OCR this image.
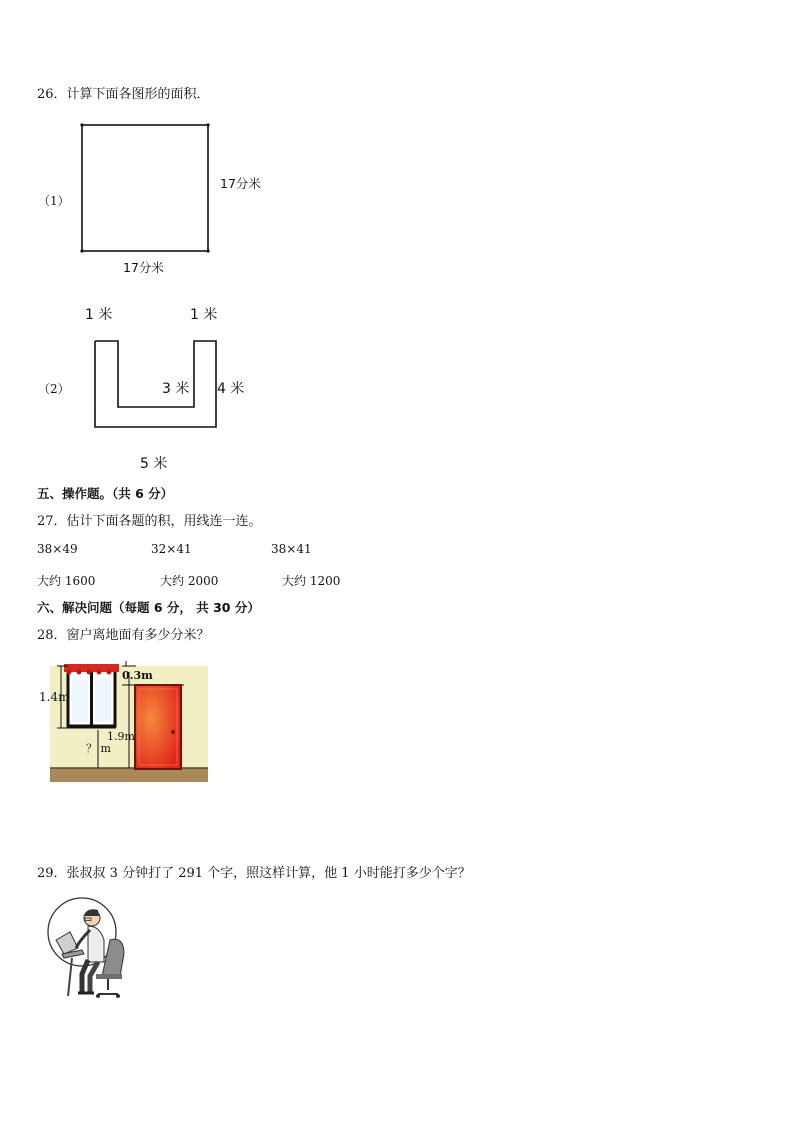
26．计算下面各图形的面积．
（1）
17分米
17分米
1 米	1 米
（2）	3 米 4 米
5 米
五、操作题。（共 6 分）
27．估计下面各题的积，用线连一连。
38×49	32×41	38×41
大约 1600	大约 2000	大约 1200
六、解决问题（每题 6 分， 共 30 分）
28．窗户离地面有多少分米？
1.4m
0.3m
1.9m
？ m
29．张叔叔 3 分钟打了 291 个字，照这样计算，他 1 小时能打多少个字？
